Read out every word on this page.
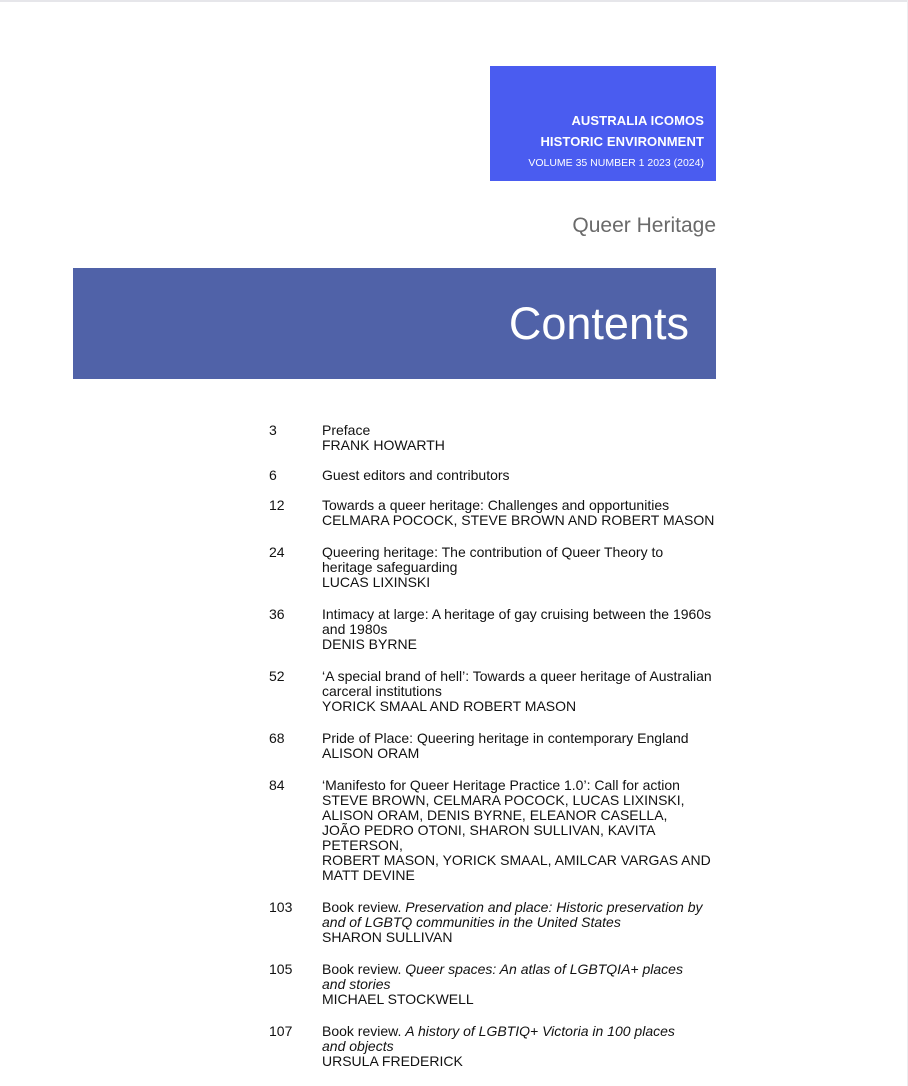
AUSTRALIA ICOMOS
HISTORIC ENVIRONMENT
VOLUME 35 NUMBER 1 2023 (2024)
Queer Heritage
Contents
3	Preface
FRANK HOWARTH
6	Guest editors and contributors
12	Towards a queer heritage: Challenges and opportunities
CELMARA POCOCK, STEVE BROWN AND ROBERT MASON
24	Queering heritage: The contribution of Queer Theory to
heritage safeguarding
LUCAS LIXINSKI
36	Intimacy at large: A heritage of gay cruising between the 1960s
and 1980s
DENIS BYRNE
52	‘A special brand of hell’: Towards a queer heritage of Australian
carceral institutions
YORICK SMAAL AND ROBERT MASON
68	Pride of Place: Queering heritage in contemporary England
ALISON ORAM
84	‘Manifesto for Queer Heritage Practice 1.0’: Call for action
STEVE BROWN, CELMARA POCOCK, LUCAS LIXINSKI,
ALISON ORAM, DENIS BYRNE, ELEANOR CASELLA,
JOÃO PEDRO OTONI, SHARON SULLIVAN, KAVITA PETERSON,
ROBERT MASON, YORICK SMAAL, AMILCAR VARGAS AND
MATT DEVINE
103	Book review. Preservation and place: Historic preservation by
and of LGBTQ communities in the United States
SHARON SULLIVAN
105	Book review. Queer spaces: An atlas of LGBTQIA+ places
and stories
MICHAEL STOCKWELL
107	Book review. A history of LGBTIQ+ Victoria in 100 places
and objects
URSULA FREDERICK
